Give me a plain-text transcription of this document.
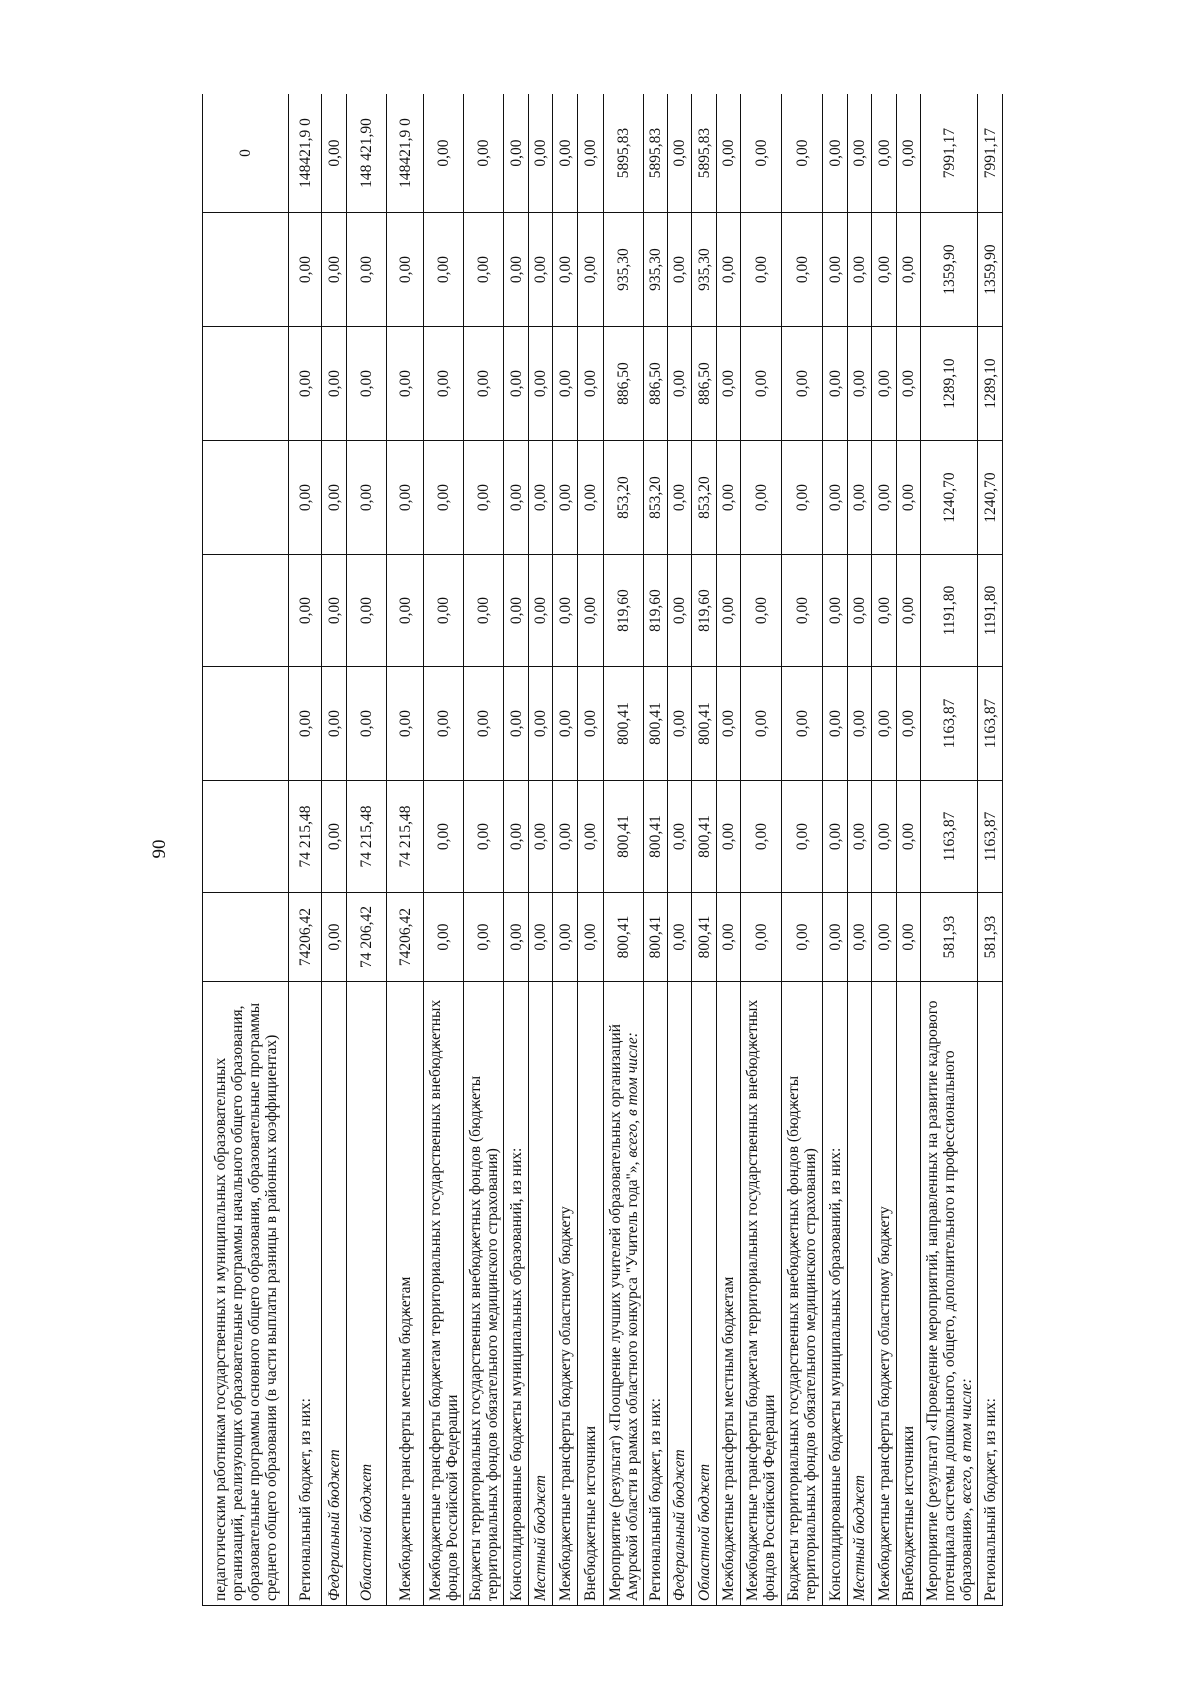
90
педагогическим работникам государственных и муниципальных образовательных организаций, реализующих образовательные программы начального общего образования, образовательные программы основного общего образования, образовательные программы среднего общего образования (в части выплаты разницы в районных коэффициентах)								0
Региональный бюджет, из них:	74206,42	74 215,48	0,00	0,00	0,00	0,00	0,00	148421,9 0
Федеральный бюджет	0,00	0,00	0,00	0,00	0,00	0,00	0,00	0,00
Областной бюджет	74 206,42	74 215,48	0,00	0,00	0,00	0,00	0,00	148 421,90
Межбюджетные трансферты местным бюджетам	74206,42	74 215,48	0,00	0,00	0,00	0,00	0,00	148421,9 0
Межбюджетные трансферты бюджетам территориальных государственных внебюджетных фондов Российской Федерации	0,00	0,00	0,00	0,00	0,00	0,00	0,00	0,00
Бюджеты территориальных государственных внебюджетных фондов (бюджеты территориальных фондов обязательного медицинского страхования)	0,00	0,00	0,00	0,00	0,00	0,00	0,00	0,00
Консолидированные бюджеты муниципальных образований, из них:	0,00	0,00	0,00	0,00	0,00	0,00	0,00	0,00
Местный бюджет	0,00	0,00	0,00	0,00	0,00	0,00	0,00	0,00
Межбюджетные трансферты бюджету областному бюджету	0,00	0,00	0,00	0,00	0,00	0,00	0,00	0,00
Внебюджетные источники	0,00	0,00	0,00	0,00	0,00	0,00	0,00	0,00
Мероприятие (результат) «Поощрение лучших учителей образовательных организаций Амурской области в рамках областного конкурса "Учитель года"», всего, в том числе:	800,41	800,41	800,41	819,60	853,20	886,50	935,30	5895,83
Региональный бюджет, из них:	800,41	800,41	800,41	819,60	853,20	886,50	935,30	5895,83
Федеральный бюджет	0,00	0,00	0,00	0,00	0,00	0,00	0,00	0,00
Областной бюджет	800,41	800,41	800,41	819,60	853,20	886,50	935,30	5895,83
Межбюджетные трансферты местным бюджетам	0,00	0,00	0,00	0,00	0,00	0,00	0,00	0,00
Межбюджетные трансферты бюджетам территориальных государственных внебюджетных фондов Российской Федерации	0,00	0,00	0,00	0,00	0,00	0,00	0,00	0,00
Бюджеты территориальных государственных внебюджетных фондов (бюджеты территориальных фондов обязательного медицинского страхования)	0,00	0,00	0,00	0,00	0,00	0,00	0,00	0,00
Консолидированные бюджеты муниципальных образований, из них:	0,00	0,00	0,00	0,00	0,00	0,00	0,00	0,00
Местный бюджет	0,00	0,00	0,00	0,00	0,00	0,00	0,00	0,00
Межбюджетные трансферты бюджету областному бюджету	0,00	0,00	0,00	0,00	0,00	0,00	0,00	0,00
Внебюджетные источники	0,00	0,00	0,00	0,00	0,00	0,00	0,00	0,00
Мероприятие (результат) «Проведение мероприятий, направленных на развитие кадрового потенциала системы дошкольного, общего, дополнительного и профессионального образования», всего, в том числе:	581,93	1163,87	1163,87	1191,80	1240,70	1289,10	1359,90	7991,17
Региональный бюджет, из них:	581,93	1163,87	1163,87	1191,80	1240,70	1289,10	1359,90	7991,17
